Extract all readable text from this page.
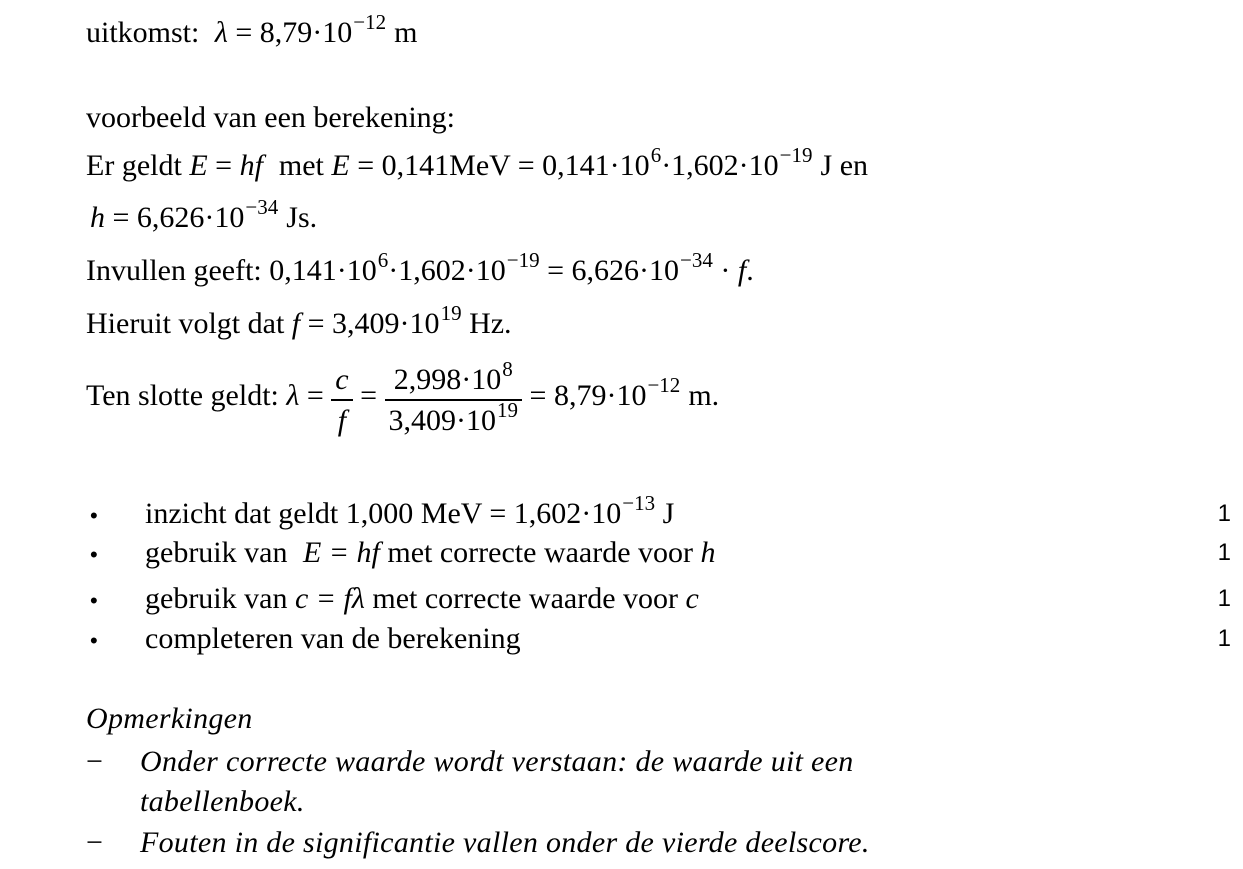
uitkomst: $\lambda = 8,79\cdot 10^{-12}$ m
voorbeeld van een berekening:
Er geldt E = hf met $E = 0,141MeV = 0,141\cdot 10^6\cdot 1,602\cdot 10^{-19}$ J en
$h = 6,626\cdot 10^{-34}$ Js.
Invullen geeft: $0,141\cdot 10^6\cdot 1,602\cdot 10^{-19} = 6,626\cdot 10^{-34} \cdot f$.
Hieruit volgt dat $f = 3,409\cdot 10^{19}$ Hz.
Ten slotte geldt: $\lambda = \frac{c}{f} = \frac{2,998\cdot 10^8}{3,409\cdot 10^{19}} = 8,79\cdot 10^{-12}$ m.
• inzicht dat geldt 1,000 MeV = $1,602\cdot 10^{-13}$ J	1
• gebruik van E = hf met correcte waarde voor h	1
• gebruik van c = fλ met correcte waarde voor c	1
• completeren van de berekening	1
Opmerkingen
− Onder correcte waarde wordt verstaan: de waarde uit een
tabellenboek.
− Fouten in de significantie vallen onder de vierde deelscore.
